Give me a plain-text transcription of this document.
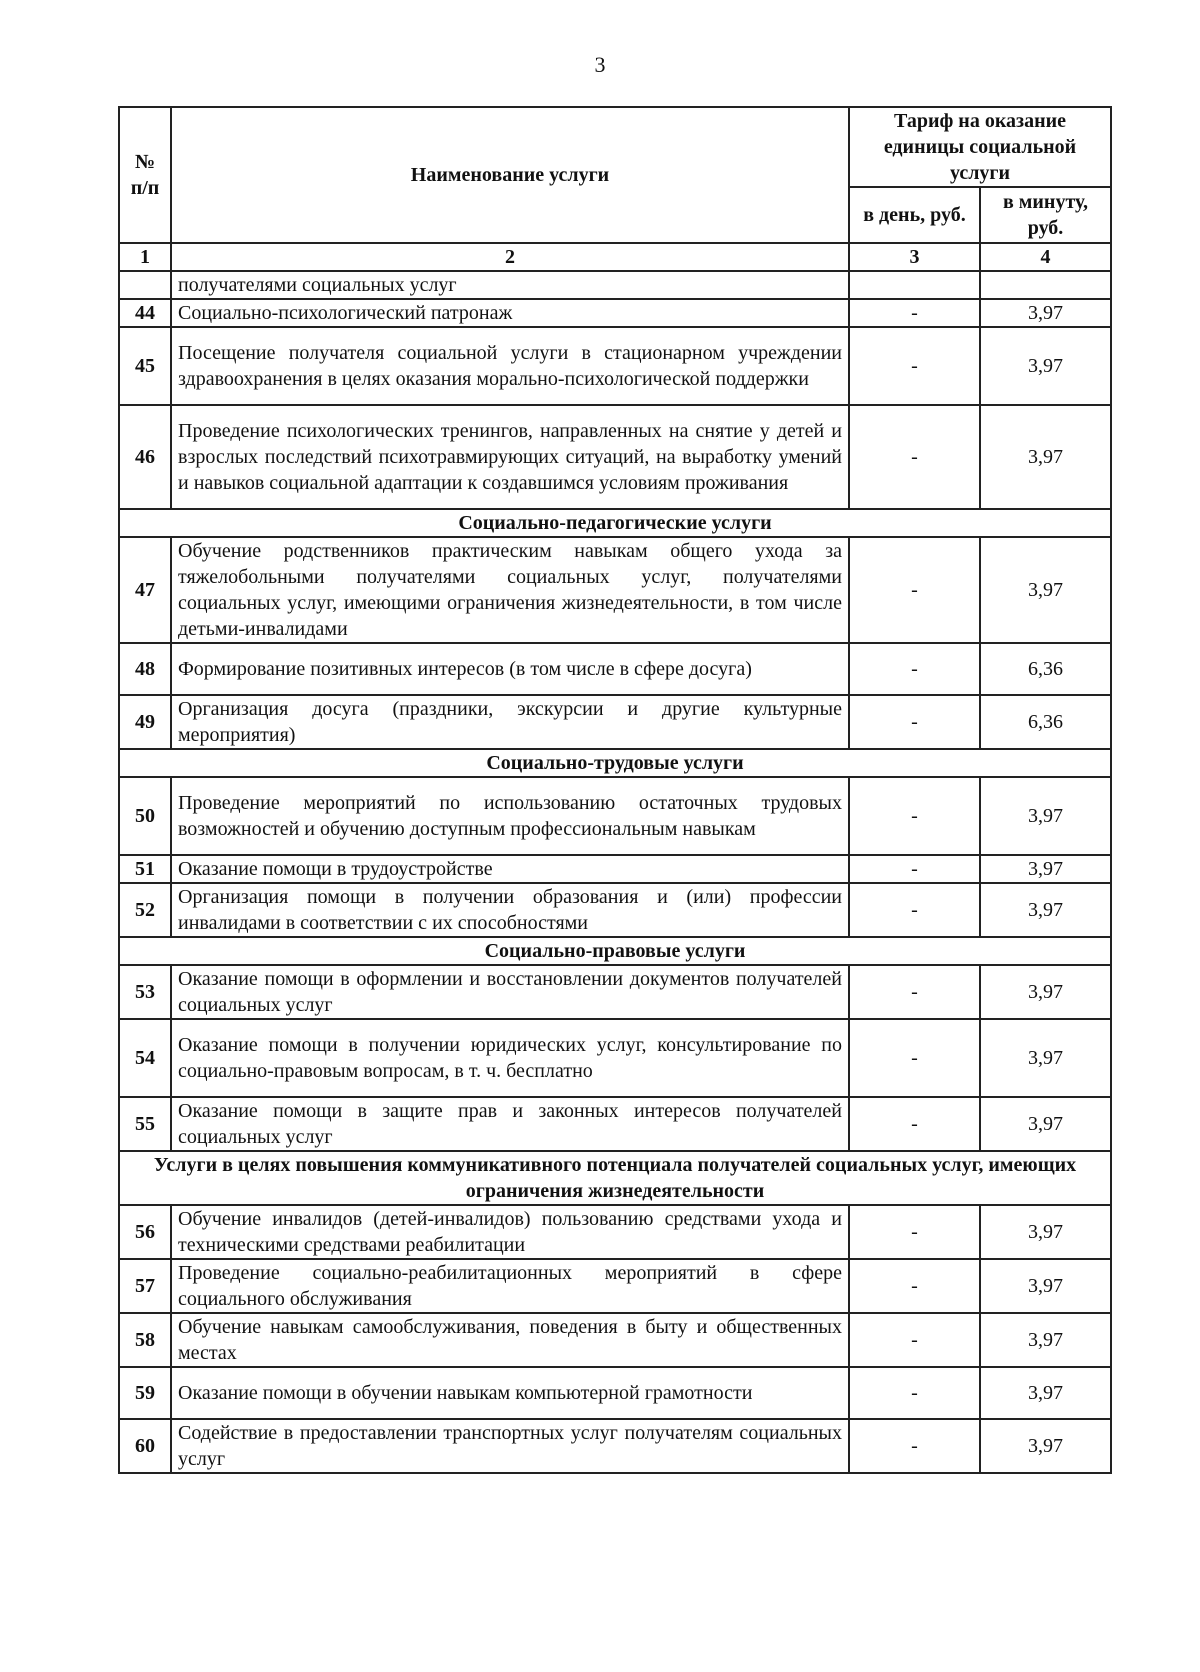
3
№ п/п	Наименование услуги	Тариф на оказание единицы социальной услуги	
		в день, руб.	в минуту, руб.
1	2	3	4
	получателями социальных услуг		
44	Социально-психологический патронаж	-	3,97
45	Посещение получателя социальной услуги в стационарном учреждении здравоохранения в целях оказания морально-психологической поддержки	-	3,97
46	Проведение психологических тренингов, направленных на снятие у детей и взрослых последствий психотравмирующих ситуаций, на выработку умений и навыков социальной адаптации к создавшимся условиям проживания	-	3,97
Социально-педагогические услуги			
47	Обучение родственников практическим навыкам общего ухода за тяжелобольными получателями социальных услуг, получателями социальных услуг, имеющими ограничения жизнедеятельности, в том числе детьми-инвалидами	-	3,97
48	Формирование позитивных интересов (в том числе в сфере досуга)	-	6,36
49	Организация досуга (праздники, экскурсии и другие культурные мероприятия)	-	6,36
Социально-трудовые услуги			
50	Проведение мероприятий по использованию остаточных трудовых возможностей и обучению доступным профессиональным навыкам	-	3,97
51	Оказание помощи в трудоустройстве	-	3,97
52	Организация помощи в получении образования и (или) профессии инвалидами в соответствии с их способностями	-	3,97
Социально-правовые услуги			
53	Оказание помощи в оформлении и восстановлении документов получателей социальных услуг	-	3,97
54	Оказание помощи в получении юридических услуг, консультирование по социально-правовым вопросам, в т. ч. бесплатно	-	3,97
55	Оказание помощи в защите прав и законных интересов получателей социальных услуг	-	3,97
Услуги в целях повышения коммуникативного потенциала получателей социальных услуг, имеющих ограничения жизнедеятельности			
56	Обучение инвалидов (детей-инвалидов) пользованию средствами ухода и техническими средствами реабилитации	-	3,97
57	Проведение социально-реабилитационных мероприятий в сфере социального обслуживания	-	3,97
58	Обучение навыкам самообслуживания, поведения в быту и общественных местах	-	3,97
59	Оказание помощи в обучении навыкам компьютерной грамотности	-	3,97
60	Содействие в предоставлении транспортных услуг получателям социальных услуг	-	3,97
